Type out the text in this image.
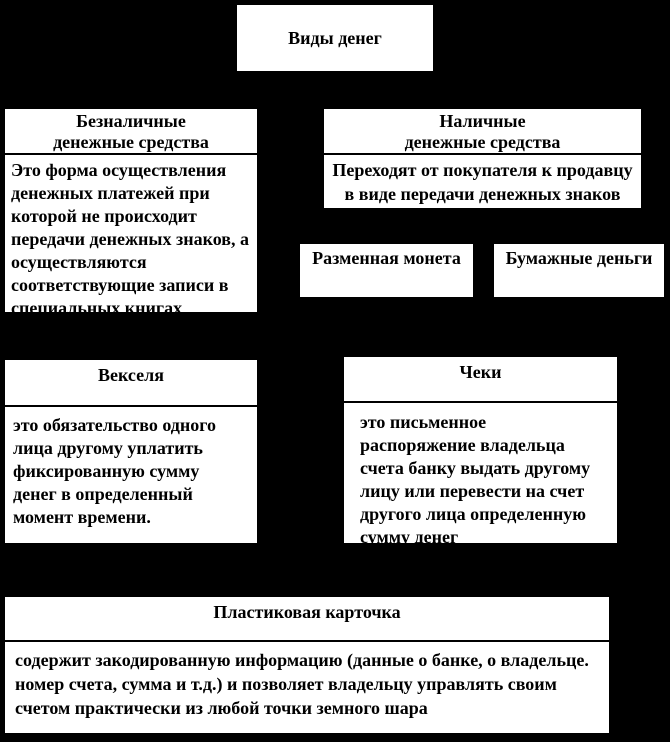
Виды денег
Безналичные
денежные средства
Это форма осуществления денежных платежей при которой не происходит передачи денежных знаков, а осуществляются соответствующие записи в специальных книгах
Наличные
денежные средства
Переходят от покупателя к продавцу в виде передачи денежных знаков
Разменная монета	Бумажные деньги
Векселя
это обязательство одного лица другому уплатить фиксированную сумму денег в определенный момент времени.
Чеки
это письменное распоряжение владельца счета банку выдать другому лицу или перевести на счет другого лица определенную сумму денег
Пластиковая карточка
содержит закодированную информацию (данные о банке, о владельце. номер счета, сумма и т.д.) и позволяет владельцу управлять своим счетом практически из любой точки земного шара
